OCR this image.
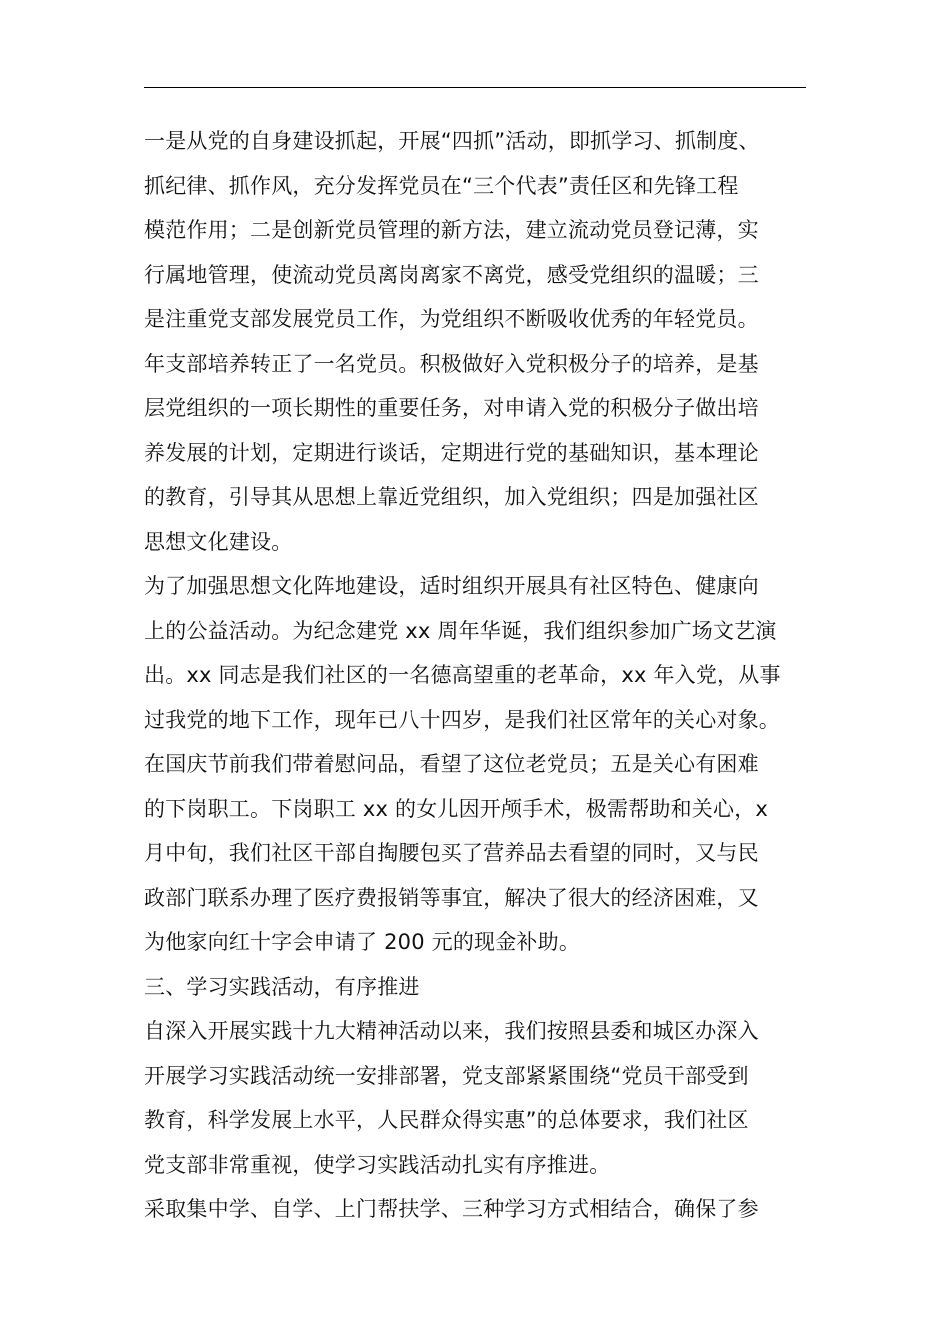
一是从党的自身建设抓起，开展“四抓”活动，即抓学习、抓制度、
抓纪律、抓作风，充分发挥党员在“三个代表”责任区和先锋工程
模范作用；二是创新党员管理的新方法，建立流动党员登记薄，实
行属地管理，使流动党员离岗离家不离党，感受党组织的温暖；三
是注重党支部发展党员工作，为党组织不断吸收优秀的年轻党员。
年支部培养转正了一名党员。积极做好入党积极分子的培养，是基
层党组织的一项长期性的重要任务，对申请入党的积极分子做出培
养发展的计划，定期进行谈话，定期进行党的基础知识，基本理论
的教育，引导其从思想上靠近党组织，加入党组织；四是加强社区
思想文化建设。
为了加强思想文化阵地建设，适时组织开展具有社区特色、健康向
上的公益活动。为纪念建党 xx 周年华诞，我们组织参加广场文艺演
出。xx 同志是我们社区的一名德高望重的老革命，xx 年入党，从事
过我党的地下工作，现年已八十四岁，是我们社区常年的关心对象。
在国庆节前我们带着慰问品，看望了这位老党员；五是关心有困难
的下岗职工。下岗职工 xx 的女儿因开颅手术，极需帮助和关心，x
月中旬，我们社区干部自掏腰包买了营养品去看望的同时，又与民
政部门联系办理了医疗费报销等事宜，解决了很大的经济困难，又
为他家向红十字会申请了 200 元的现金补助。
三、学习实践活动，有序推进
自深入开展实践十九大精神活动以来，我们按照县委和城区办深入
开展学习实践活动统一安排部署，党支部紧紧围绕“党员干部受到
教育，科学发展上水平，人民群众得实惠”的总体要求，我们社区
党支部非常重视，使学习实践活动扎实有序推进。
采取集中学、自学、上门帮扶学、三种学习方式相结合，确保了参
